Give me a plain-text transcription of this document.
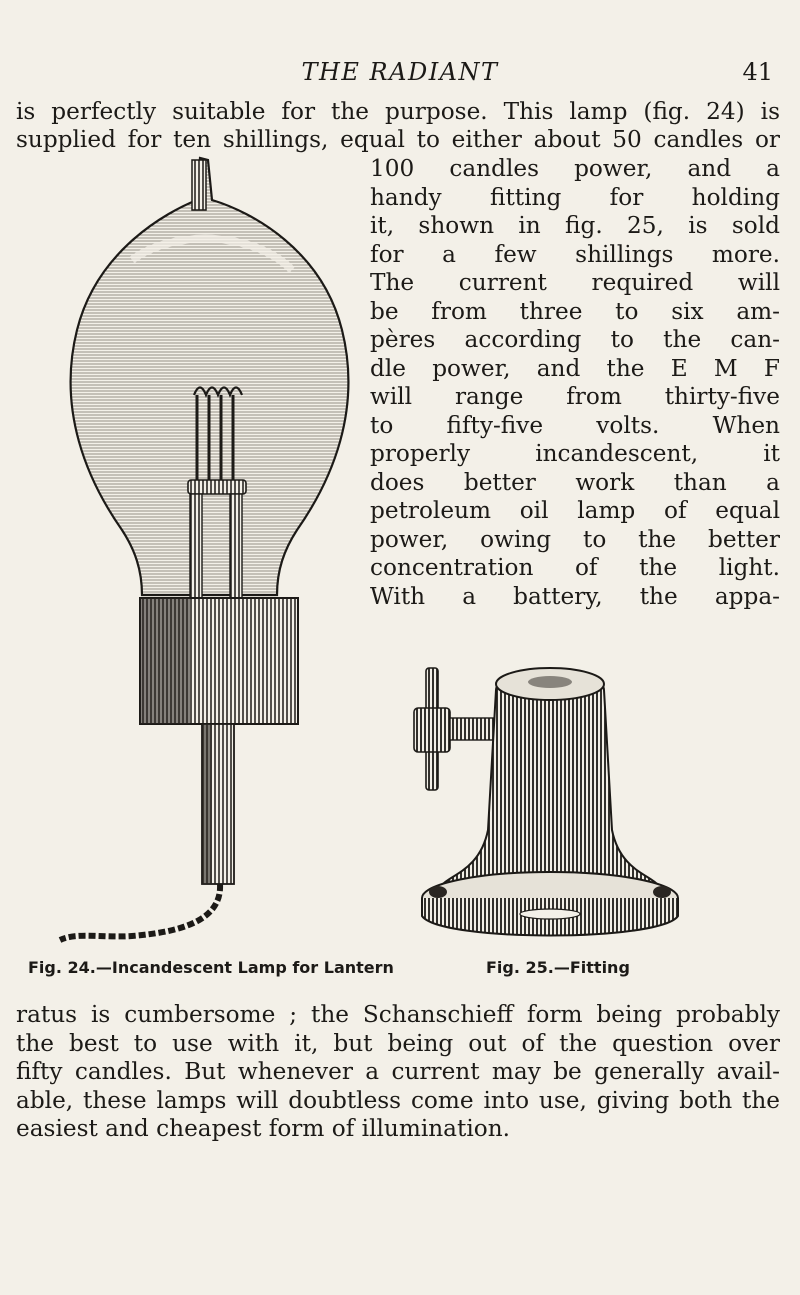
THE RADIANT	41
is perfectly suitable for the purpose. This lamp (fig. 24) is
supplied for ten shillings, equal to either about 50 candles or
100 candles power, and a
handy fitting for holding
it, shown in fig. 25, is sold
for a few shillings more.
The current required will
be from three to six am-
pères according to the can-
dle power, and the E M F
will range from thirty-five
to fifty-five volts. When
properly incandescent, it
does better work than a
petroleum oil lamp of equal
power, owing to the better
concentration of the light.
With a battery, the appa-
Fig. 24.—Incandescent Lamp for Lantern	Fig. 25.—Fitting
ratus is cumbersome ; the Schanschieff form being probably
the best to use with it, but being out of the question over
fifty candles. But whenever a current may be generally avail-
able, these lamps will doubtless come into use, giving both the
easiest and cheapest form of illumination.
